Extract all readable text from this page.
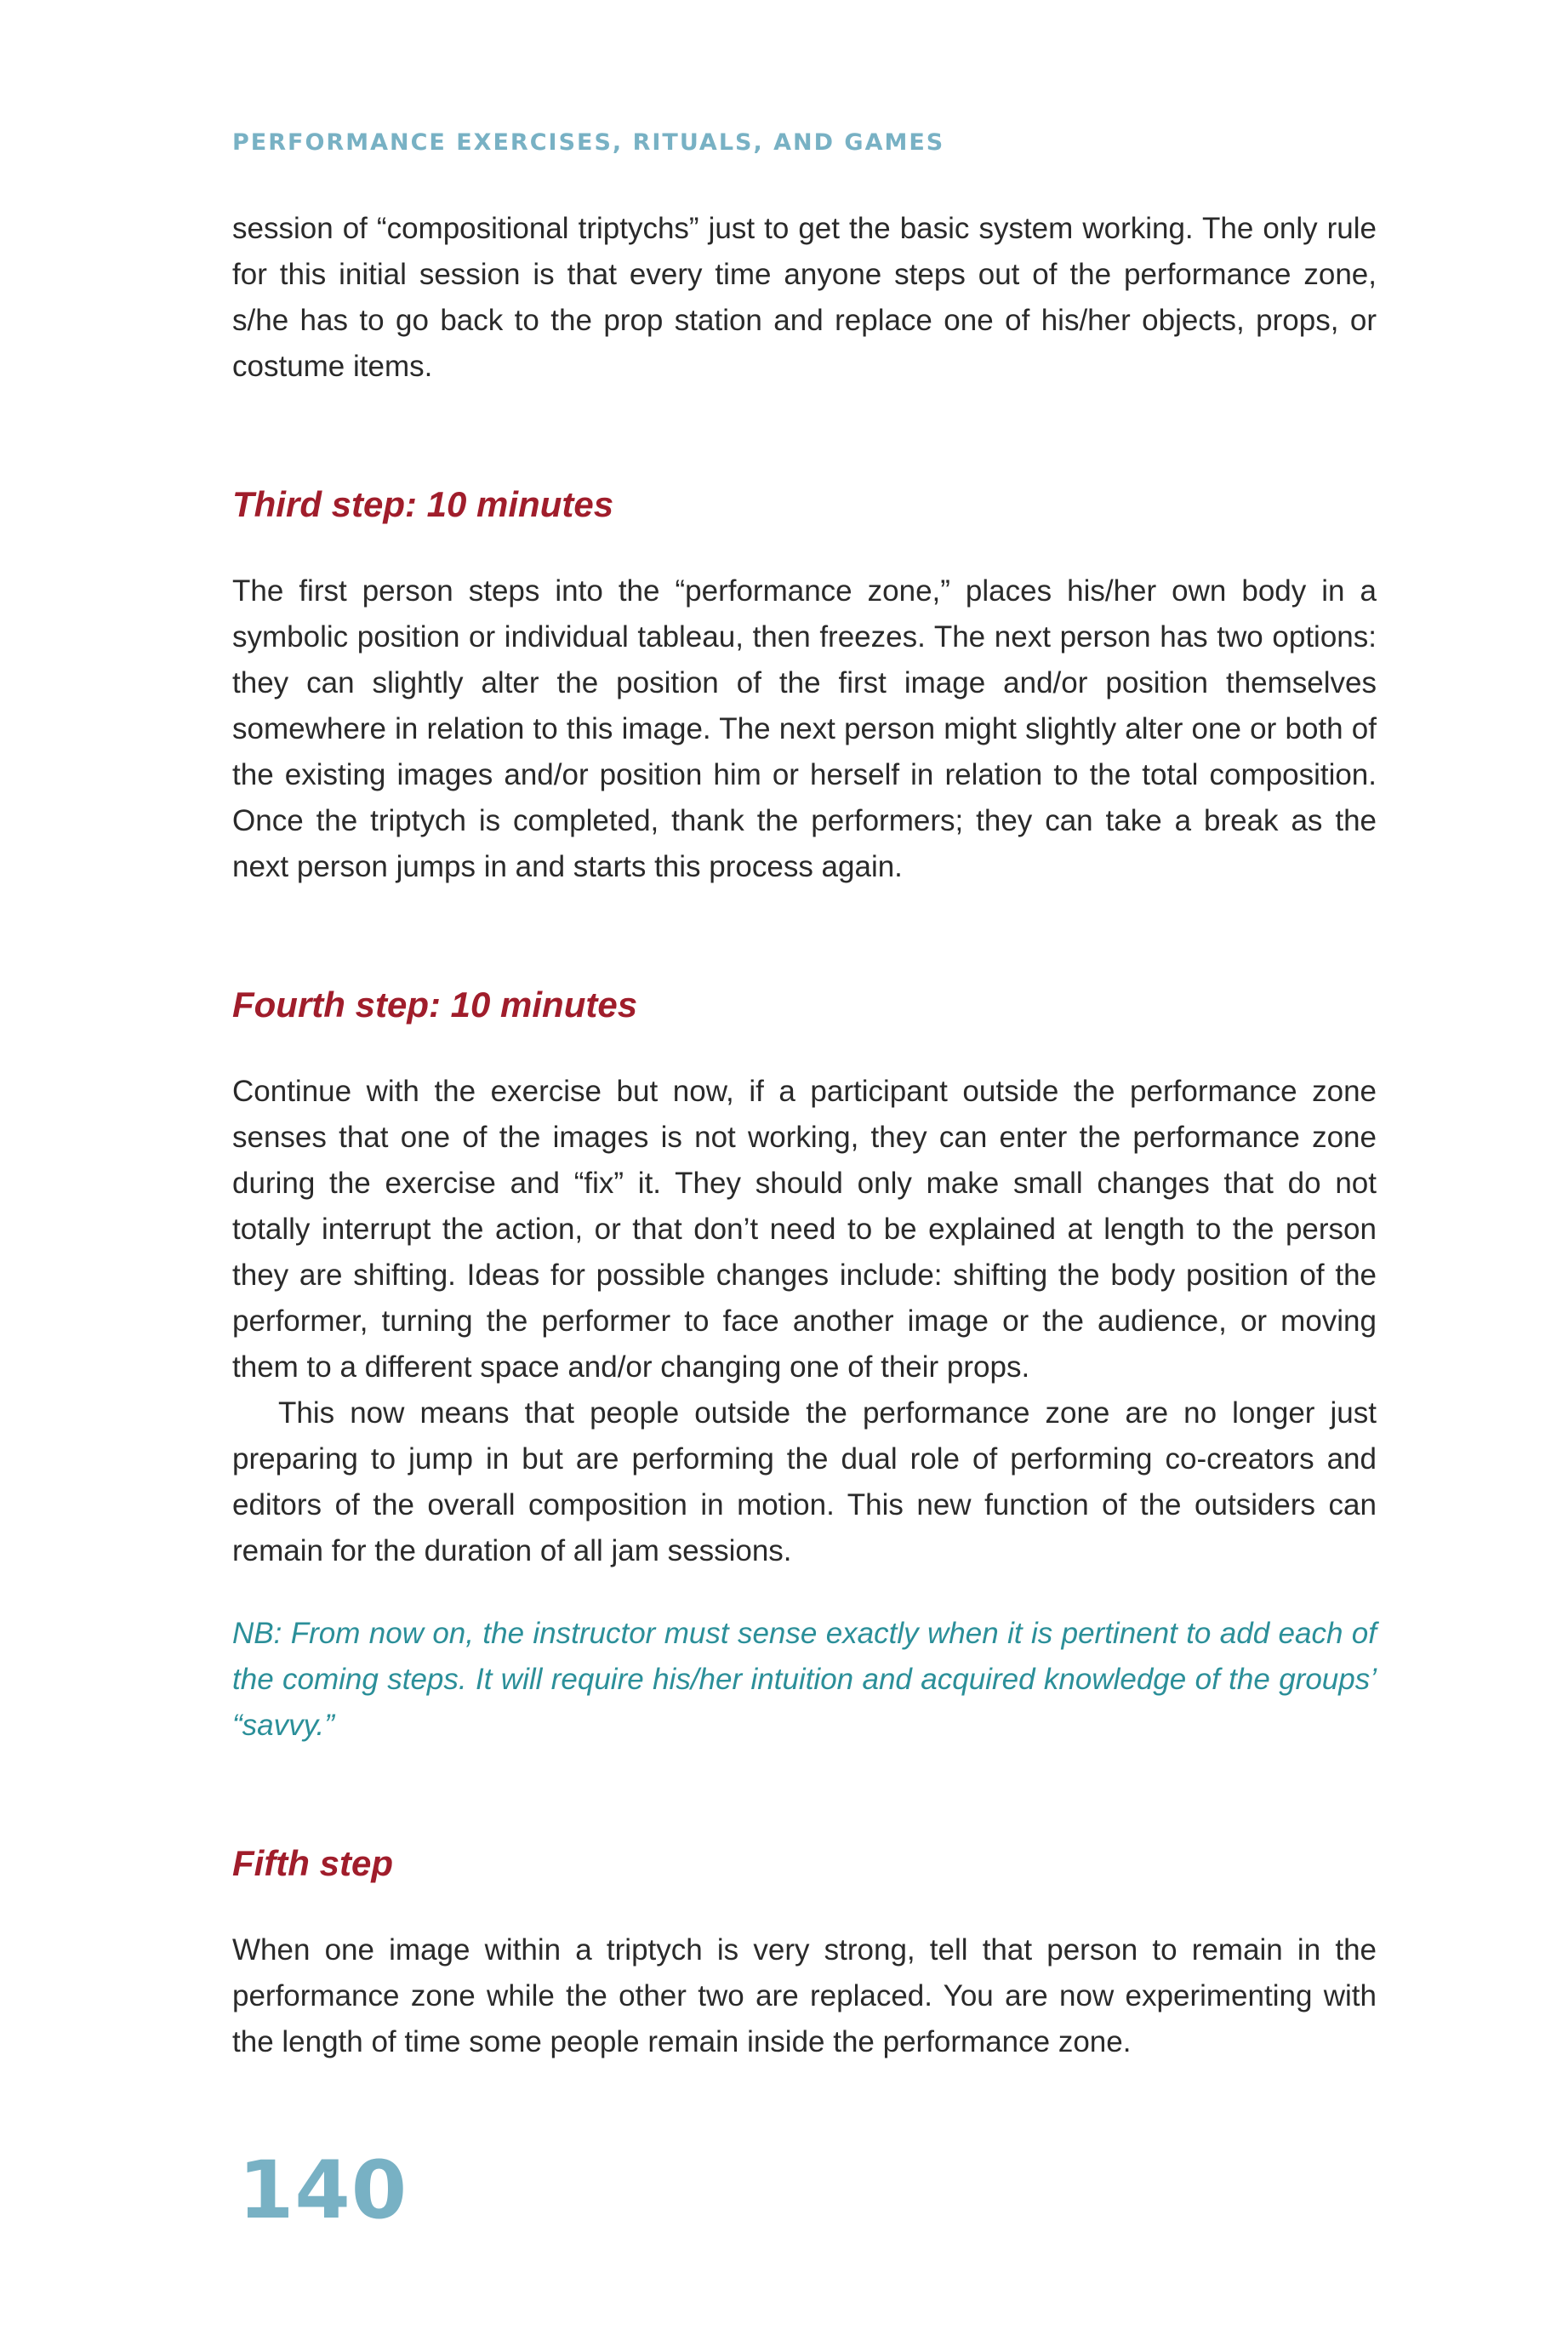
PERFORMANCE EXERCISES, RITUALS, AND GAMES

session of “compositional triptychs” just to get the basic system working. The only rule for this initial session is that every time anyone steps out of the performance zone, s/he has to go back to the prop station and replace one of his/her objects, props, or costume items.

Third step: 10 minutes

The first person steps into the “performance zone,” places his/her own body in a symbolic position or individual tableau, then freezes. The next person has two options: they can slightly alter the position of the first image and/or position themselves somewhere in relation to this image. The next person might slightly alter one or both of the existing images and/or position him or herself in relation to the total composition. Once the triptych is completed, thank the performers; they can take a break as the next person jumps in and starts this process again.

Fourth step: 10 minutes

Continue with the exercise but now, if a participant outside the performance zone senses that one of the images is not working, they can enter the performance zone during the exercise and “fix” it. They should only make small changes that do not totally interrupt the action, or that don’t need to be explained at length to the person they are shifting. Ideas for possible changes include: shifting the body position of the performer, turning the performer to face another image or the audience, or moving them to a different space and/or changing one of their props.

This now means that people outside the performance zone are no longer just preparing to jump in but are performing the dual role of performing co-creators and editors of the overall composition in motion. This new function of the outsiders can remain for the duration of all jam sessions.

NB: From now on, the instructor must sense exactly when it is pertinent to add each of the coming steps. It will require his/her intuition and acquired knowledge of the groups’ “savvy.”

Fifth step

When one image within a triptych is very strong, tell that person to remain in the performance zone while the other two are replaced. You are now experimenting with the length of time some people remain inside the performance zone.

140
